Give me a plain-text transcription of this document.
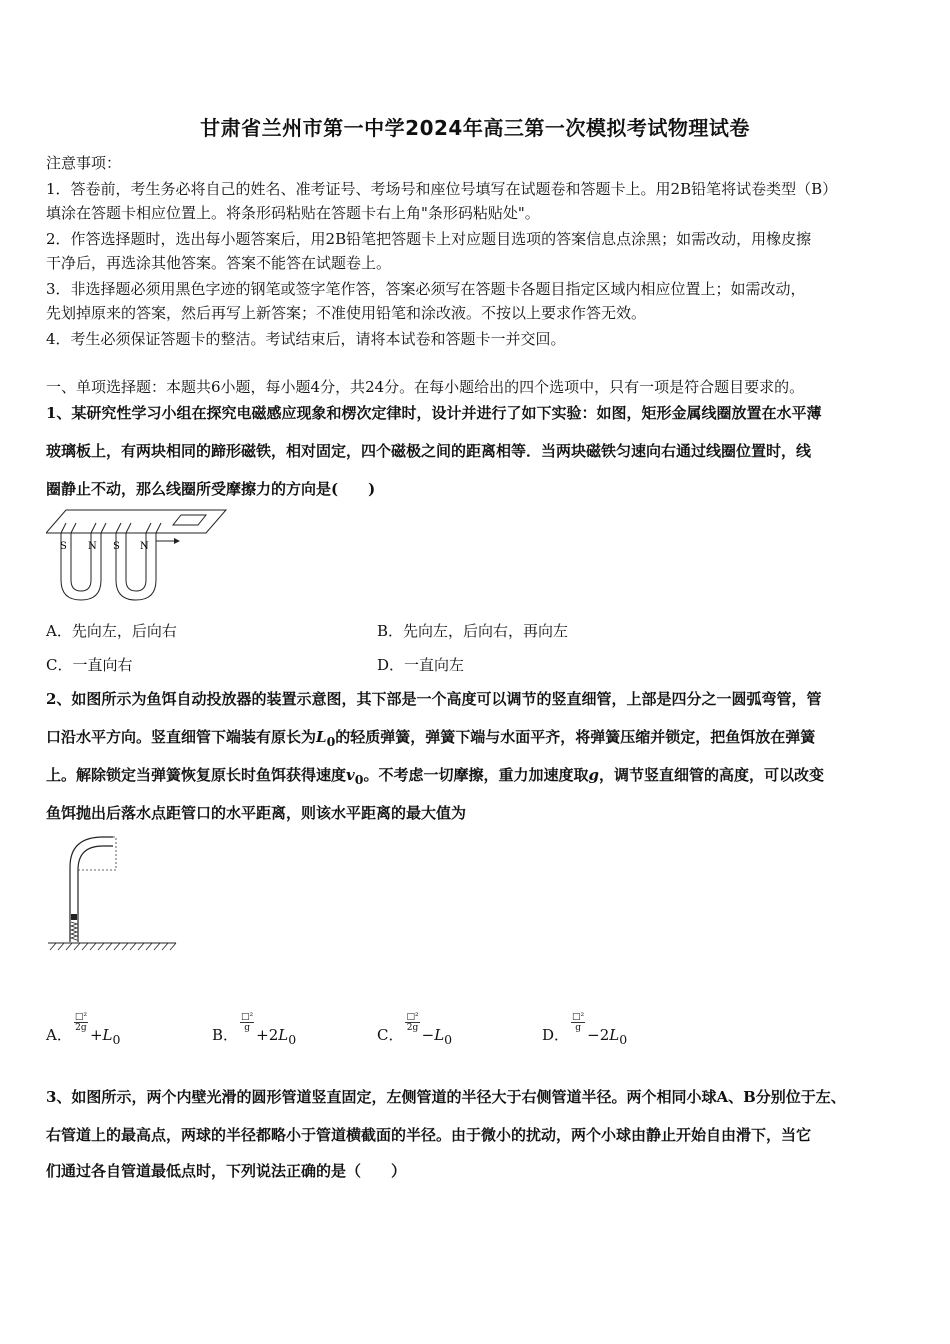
甘肃省兰州市第一中学2024年高三第一次模拟考试物理试卷
注意事项：
1．答卷前，考生务必将自己的姓名、准考证号、考场号和座位号填写在试题卷和答题卡上。用2B铅笔将试卷类型（B）
填涂在答题卡相应位置上。将条形码粘贴在答题卡右上角"条形码粘贴处"。
2．作答选择题时，选出每小题答案后，用2B铅笔把答题卡上对应题目选项的答案信息点涂黑；如需改动，用橡皮擦
干净后，再选涂其他答案。答案不能答在试题卷上。
3．非选择题必须用黑色字迹的钢笔或签字笔作答，答案必须写在答题卡各题目指定区域内相应位置上；如需改动，
先划掉原来的答案，然后再写上新答案；不准使用铅笔和涂改液。不按以上要求作答无效。
4．考生必须保证答题卡的整洁。考试结束后，请将本试卷和答题卡一并交回。
一、单项选择题：本题共6小题，每小题4分，共24分。在每小题给出的四个选项中，只有一项是符合题目要求的。
1、某研究性学习小组在探究电磁感应现象和楞次定律时，设计并进行了如下实验：如图，矩形金属线圈放置在水平薄
玻璃板上，有两块相同的蹄形磁铁，相对固定，四个磁极之间的距离相等．当两块磁铁匀速向右通过线圈位置时，线
圈静止不动，那么线圈所受摩擦力的方向是(　　)
S N S N
A．先向左，后向右	B．先向左，后向右，再向左
C．一直向右	D．一直向左
2、如图所示为鱼饵自动投放器的装置示意图，其下部是一个高度可以调节的竖直细管，上部是四分之一圆弧弯管，管
口沿水平方向。竖直细管下端装有原长为$L_0$的轻质弹簧，弹簧下端与水面平齐，将弹簧压缩并锁定，把鱼饵放在弹簧
上。解除锁定当弹簧恢复原长时鱼饵获得速度$v_0$。不考虑一切摩擦，重力加速度取g，调节竖直细管的高度，可以改变
鱼饵抛出后落水点距管口的水平距离，则该水平距离的最大值为
A．
$\frac{\text{□²}}{2g}$
$+L_0$	B．
$\frac{\text{□²}}{g}$
$+2L_0$	C．
$\frac{\text{□²}}{2g}$
$-L_0$	D．
$\frac{\text{□²}}{g}$
$-2L_0$
3、如图所示，两个内壁光滑的圆形管道竖直固定，左侧管道的半径大于右侧管道半径。两个相同小球A、B分别位于左、
右管道上的最高点，两球的半径都略小于管道横截面的半径。由于微小的扰动，两个小球由静止开始自由滑下，当它
们通过各自管道最低点时，下列说法正确的是（　　）
